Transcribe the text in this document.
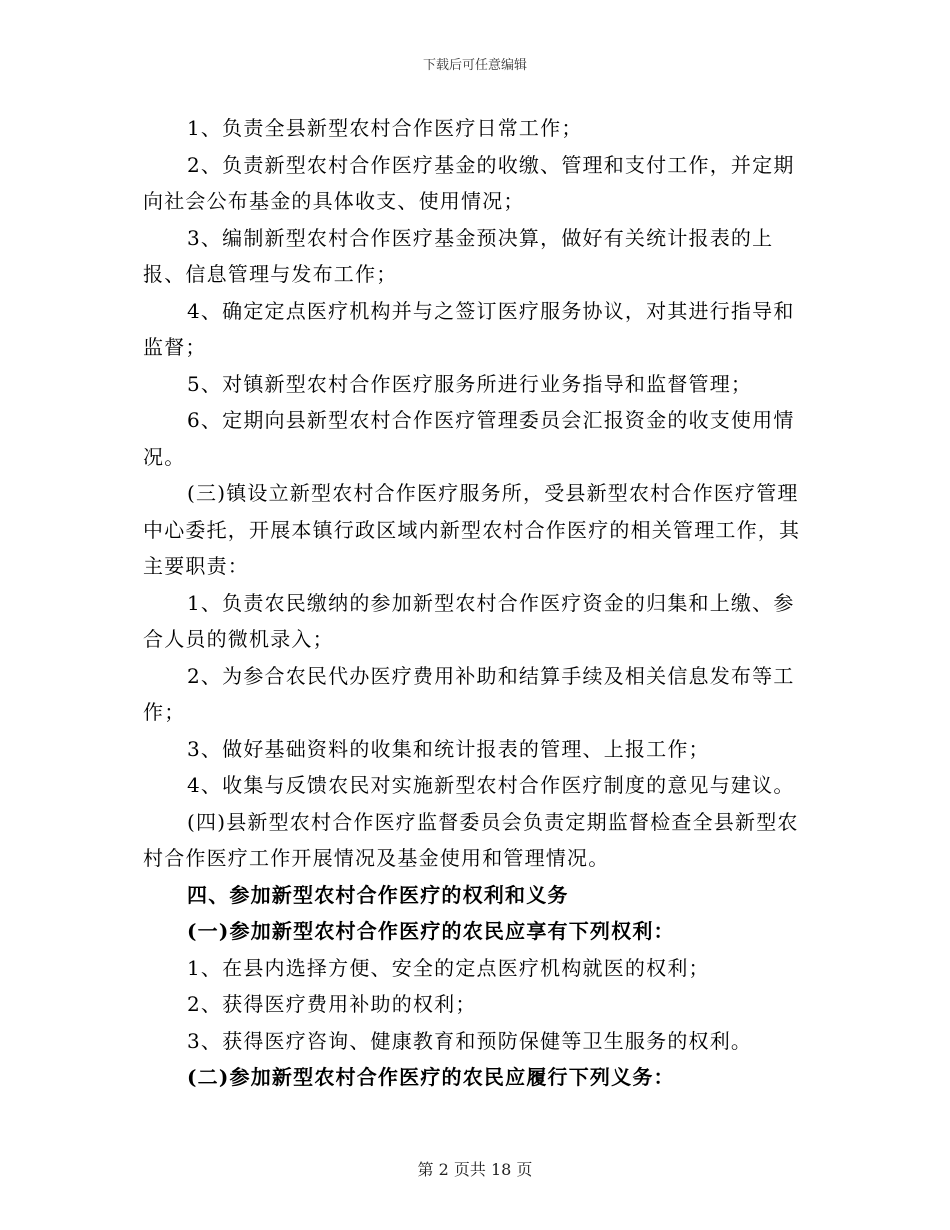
下载后可任意编辑

1、负责全县新型农村合作医疗日常工作；

2、负责新型农村合作医疗基金的收缴、管理和支付工作，并定期向社会公布基金的具体收支、使用情况；

3、编制新型农村合作医疗基金预决算，做好有关统计报表的上报、信息管理与发布工作；

4、确定定点医疗机构并与之签订医疗服务协议，对其进行指导和监督；

5、对镇新型农村合作医疗服务所进行业务指导和监督管理；

6、定期向县新型农村合作医疗管理委员会汇报资金的收支使用情况。

(三)镇设立新型农村合作医疗服务所，受县新型农村合作医疗管理中心委托，开展本镇行政区域内新型农村合作医疗的相关管理工作，其主要职责：

1、负责农民缴纳的参加新型农村合作医疗资金的归集和上缴、参合人员的微机录入；

2、为参合农民代办医疗费用补助和结算手续及相关信息发布等工作；

3、做好基础资料的收集和统计报表的管理、上报工作；

4、收集与反馈农民对实施新型农村合作医疗制度的意见与建议。

(四)县新型农村合作医疗监督委员会负责定期监督检查全县新型农村合作医疗工作开展情况及基金使用和管理情况。

四、参加新型农村合作医疗的权利和义务

(一)参加新型农村合作医疗的农民应享有下列权利：

1、在县内选择方便、安全的定点医疗机构就医的权利；

2、获得医疗费用补助的权利；

3、获得医疗咨询、健康教育和预防保健等卫生服务的权利。

(二)参加新型农村合作医疗的农民应履行下列义务：

第 2 页共 18 页
